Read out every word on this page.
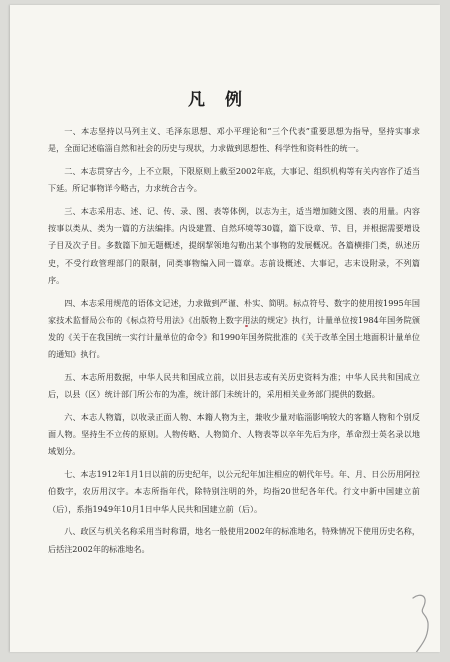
凡例

一、本志坚持以马列主义、毛泽东思想、邓小平理论和“三个代表”重要思想为指导，坚持实事求是，全面记述临淄自然和社会的历史与现状，力求做到思想性、科学性和资料性的统一。

二、本志贯穿古今，上不立限，下限原则上截至2002年底，大事记、组织机构等有关内容作了适当下延。所记事物详今略古，力求统合古今。

三、本志采用志、述、记、传、录、图、表等体例，以志为主，适当增加随文图、表的用量。内容按事以类从、类为一篇的方法编排。内设建置、自然环境等30篇，篇下设章、节、目，并根据需要增设子目及次子目。多数篇下加无题概述，提纲挈领地勾勒出某个事物的发展概况。各篇横排门类，纵述历史，不受行政管理部门的限制，同类事物编入同一篇章。志前设概述、大事记，志末设附录，不列篇序。

四、本志采用规范的语体文记述，力求做到严谨、朴实、简明。标点符号、数字的使用按1995年国家技术监督局公布的《标点符号用法》《出版物上数字用法的规定》执行，计量单位按1984年国务院颁发的《关于在我国统一实行计量单位的命令》和1990年国务院批准的《关于改革全国土地面积计量单位的通知》执行。

五、本志所用数据，中华人民共和国成立前，以旧县志或有关历史资料为准；中华人民共和国成立后，以县（区）统计部门所公布的为准，统计部门未统计的，采用相关业务部门提供的数据。

六、本志人物篇，以收录正面人物、本籍人物为主，兼收少量对临淄影响较大的客籍人物和个别反面人物。坚持生不立传的原则。人物传略、人物简介、人物表等以卒年先后为序，革命烈士英名录以地域划分。

七、本志1912年1月1日以前的历史纪年，以公元纪年加注相应的朝代年号。年、月、日公历用阿拉伯数字，农历用汉字。本志所指年代，除特别注明的外，均指20世纪各年代。行文中新中国建立前（后），系指1949年10月1日中华人民共和国建立前（后）。

八、政区与机关名称采用当时称谓，地名一般使用2002年的标准地名，特殊情况下使用历史名称，后括注2002年的标准地名。
